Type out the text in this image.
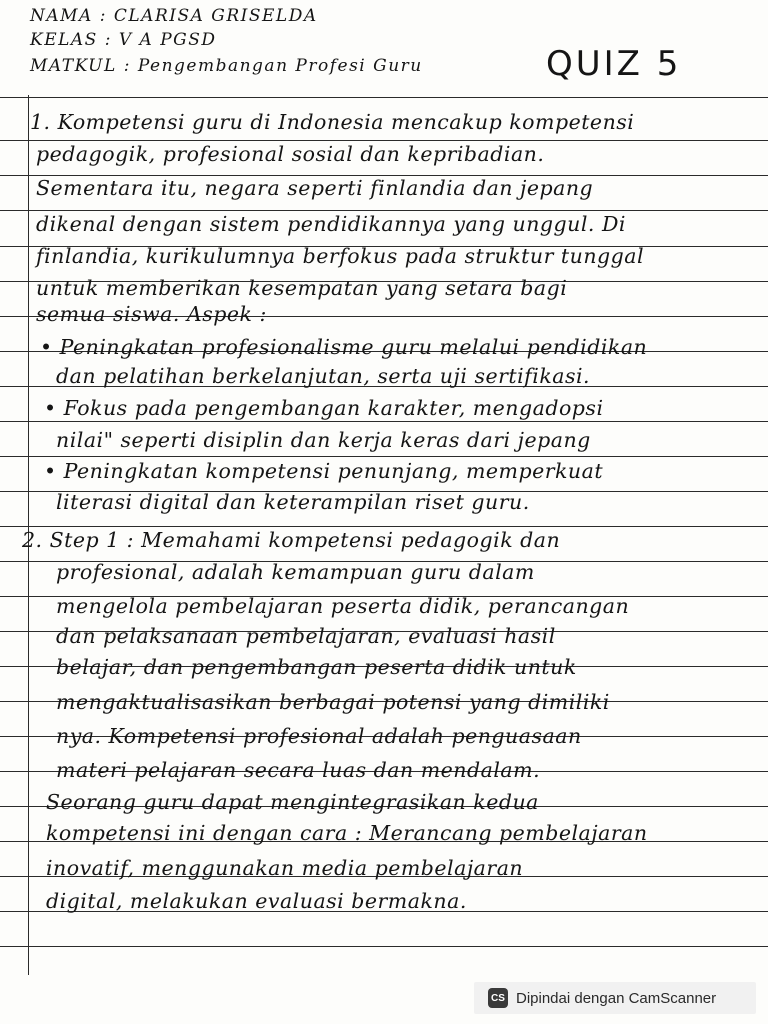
NAMA : CLARISA GRISELDA
KELAS : V A PGSD
MATKUL : Pengembangan Profesi Guru	QUIZ 5
1. Kompetensi guru di Indonesia mencakup kompetensi
pedagogik, profesional sosial dan kepribadian.
Sementara itu, negara seperti finlandia dan jepang
dikenal dengan sistem pendidikannya yang unggul. Di
finlandia, kurikulumnya berfokus pada struktur tunggal
untuk memberikan kesempatan yang setara bagi
semua siswa. Aspek :
• Peningkatan profesionalisme guru melalui pendidikan
dan pelatihan berkelanjutan, serta uji sertifikasi.
• Fokus pada pengembangan karakter, mengadopsi
nilai" seperti disiplin dan kerja keras dari jepang
• Peningkatan kompetensi penunjang, memperkuat
literasi digital dan keterampilan riset guru.
2. Step 1 : Memahami kompetensi pedagogik dan
profesional, adalah kemampuan guru dalam
mengelola pembelajaran peserta didik, perancangan
dan pelaksanaan pembelajaran, evaluasi hasil
belajar, dan pengembangan peserta didik untuk
mengaktualisasikan berbagai potensi yang dimiliki
nya. Kompetensi profesional adalah penguasaan
materi pelajaran secara luas dan mendalam.
Seorang guru dapat mengintegrasikan kedua
kompetensi ini dengan cara : Merancang pembelajaran
inovatif, menggunakan media pembelajaran
digital, melakukan evaluasi bermakna.
CS Dipindai dengan CamScanner
